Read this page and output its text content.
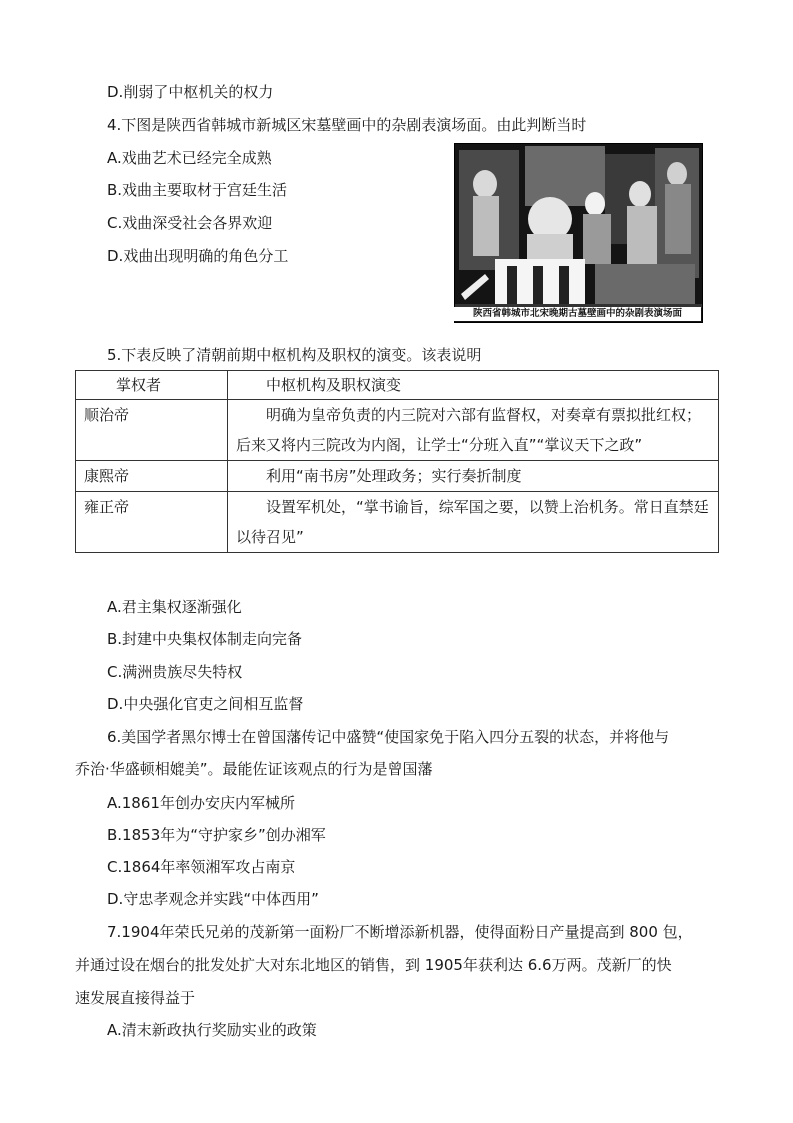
D.削弱了中枢机关的权力
4.下图是陕西省韩城市新城区宋墓壁画中的杂剧表演场面。由此判断当时
A.戏曲艺术已经完全成熟
B.戏曲主要取材于宫廷生活
C.戏曲深受社会各界欢迎
D.戏曲出现明确的角色分工
陕西省韩城市北宋晚期古墓壁画中的杂剧表演场面
5.下表反映了清朝前期中枢机构及职权的演变。该表说明
掌权者	中枢机构及职权演变
顺治帝	明确为皇帝负责的内三院对六部有监督权，对奏章有票拟批红权；后来又将内三院改为内阁，让学士“分班入直”“掌议天下之政”
康熙帝	利用“南书房”处理政务；实行奏折制度
雍正帝	设置军机处，“掌书谕旨，综军国之要，以赞上治机务。常日直禁廷以待召见”
A.君主集权逐渐强化
B.封建中央集权体制走向完备
C.满洲贵族尽失特权
D.中央强化官吏之间相互监督
6.美国学者黑尔博士在曾国藩传记中盛赞“使国家免于陷入四分五裂的状态，并将他与
乔治·华盛顿相媲美”。最能佐证该观点的行为是曾国藩
A.1861年创办安庆内军械所
B.1853年为“守护家乡”创办湘军
C.1864年率领湘军攻占南京
D.守忠孝观念并实践“中体西用”
7.1904年荣氏兄弟的茂新第一面粉厂不断增添新机器，使得面粉日产量提高到 800 包，
并通过设在烟台的批发处扩大对东北地区的销售，到 1905年获利达 6.6万两。茂新厂的快
速发展直接得益于
A.清末新政执行奖励实业的政策
